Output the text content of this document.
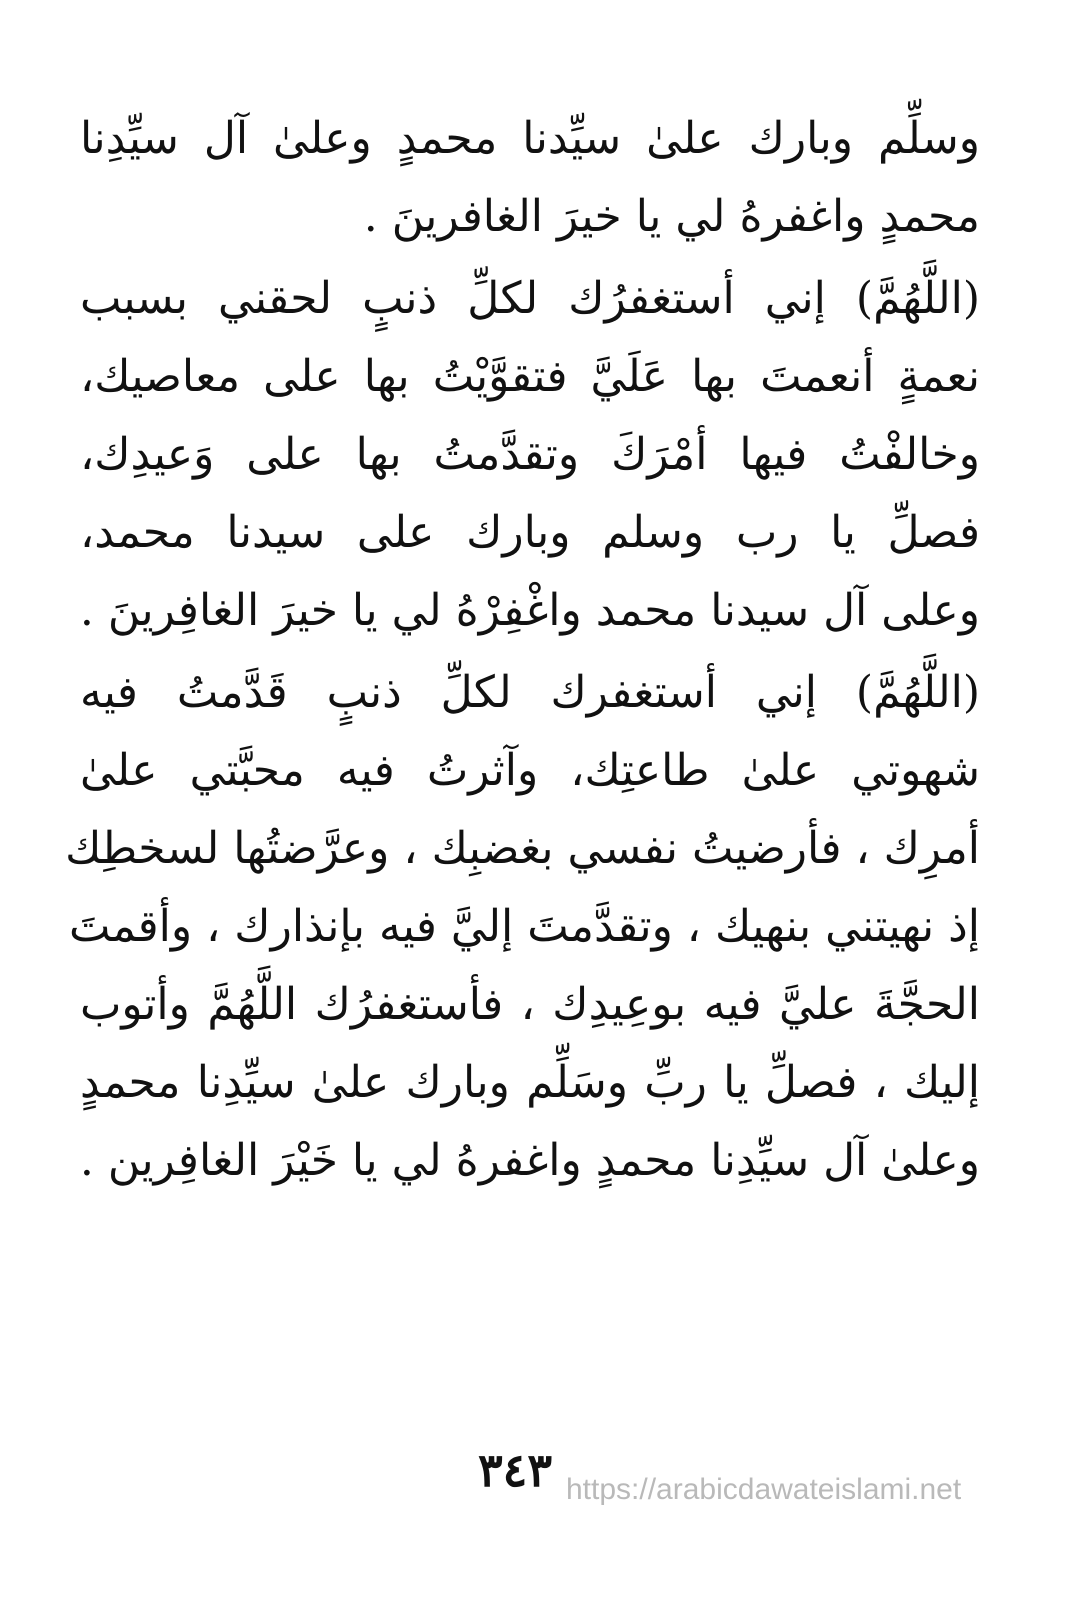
وسلِّم وبارك علىٰ سيِّدنا محمدٍ وعلىٰ آل سيِّدِنا
محمدٍ واغفرهُ لي يا خيرَ الغافرينَ .

(اللَّهُمَّ) إني أستغفرُك لكلِّ ذنبٍ لحقني بسبب
نعمةٍ أنعمتَ بها عَلَيَّ فتقوَّيْتُ بها على معاصيك،
وخالفْتُ فيها أمْرَكَ وتقدَّمتُ بها على وَعيدِك،
فصلِّ يا رب وسلم وبارك على سيدنا محمد،
وعلى آل سيدنا محمد واغْفِرْهُ لي يا خيرَ الغافِرينَ .

(اللَّهُمَّ) إني أستغفرك لكلِّ ذنبٍ قَدَّمتُ فيه
شهوتي علىٰ طاعتِك، وآثرتُ فيه محبَّتي علىٰ
أمرِك ، فأرضيتُ نفسي بغضبِك ، وعرَّضتُها لسخطِك
إذ نهيتني بنهيك ، وتقدَّمتَ إليَّ فيه بإنذارك ، وأقمتَ
الحجَّةَ عليَّ فيه بوعِيدِك ، فأستغفرُك اللَّهُمَّ وأتوب
إليك ، فصلِّ يا ربِّ وسَلِّم وبارك علىٰ سيِّدِنا محمدٍ
وعلىٰ آل سيِّدِنا محمدٍ واغفرهُ لي يا خَيْرَ الغافِرين .

٣٤٣ https://arabicdawateislami.net
